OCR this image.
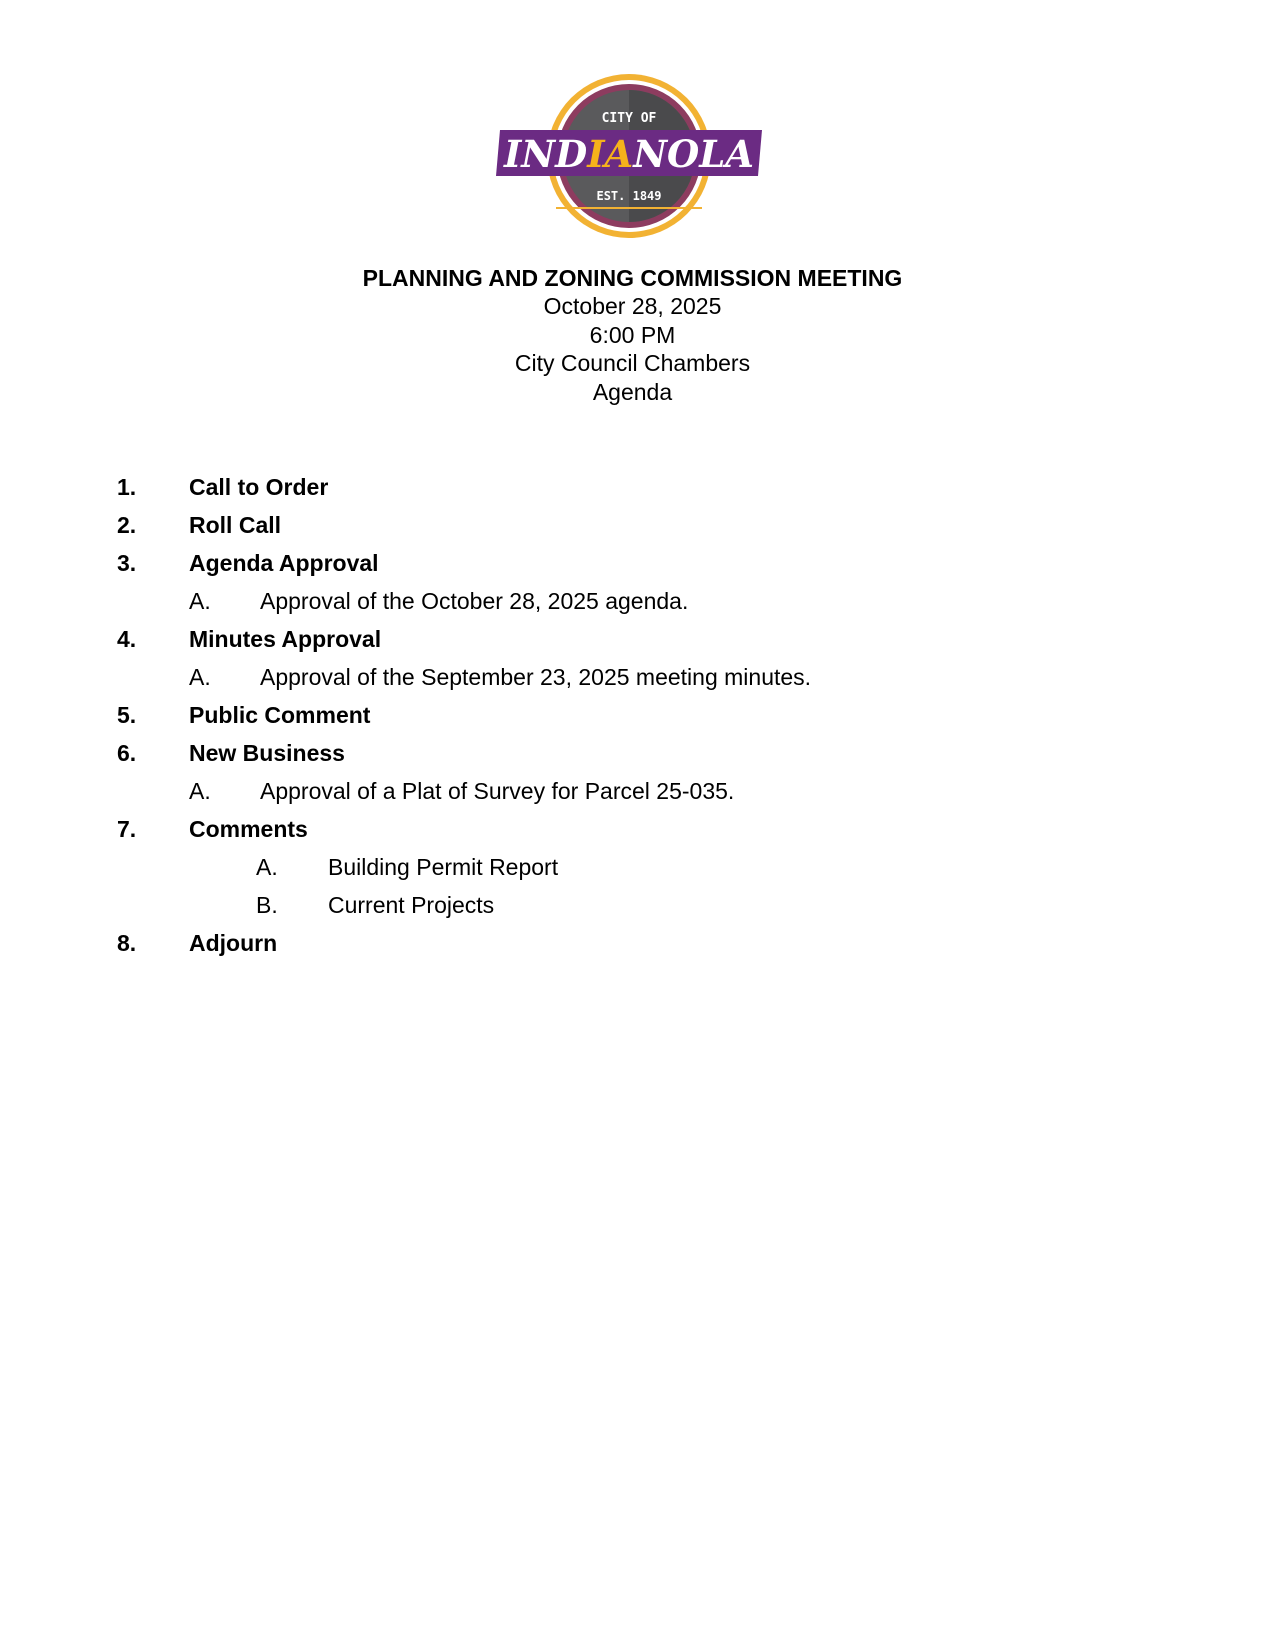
CITY OF
INDIANOLA
EST. 1849

PLANNING AND ZONING COMMISSION MEETING

October 28, 2025

6:00 PM

City Council Chambers

Agenda

1. Call to Order
2. Roll Call
3. Agenda Approval
A. Approval of the October 28, 2025 agenda.
4. Minutes Approval
A. Approval of the September 23, 2025 meeting minutes.
5. Public Comment
6. New Business
A. Approval of a Plat of Survey for Parcel 25-035.
7. Comments
A. Building Permit Report
B. Current Projects
8. Adjourn
